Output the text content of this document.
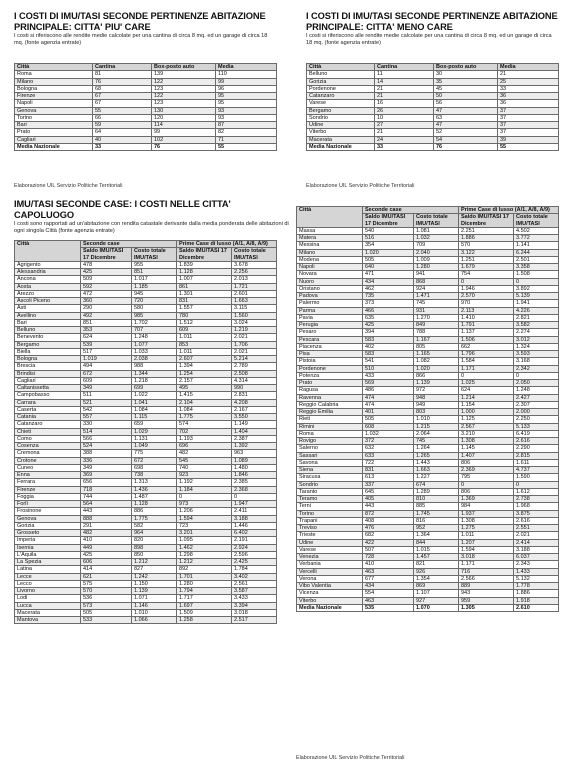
I COSTI DI IMU/TASI SECONDE PERTINENZE ABITAZIONE
PRINCIPALE: CITTA' PIU' CARE
I costi si riferiscono alle rendite medie calcolate per una cantina di circa 8 mq. ed un garage di circa 18 mq. (fonte agenzia entrate)
Città	Cantina	Box-posto auto	Media
Roma	81	139	110
Milano	76	122	99
Bologna	68	123	96
Firenze	67	122	95
Napoli	67	123	95
Genova	55	130	93
Torino	66	120	93
Bari	59	114	87
Prato	64	99	82
Cagliari	40	102	71
Media Nazionale	33	76	55
Elaborazione UIL Servizio Politiche Territoriali
I COSTI DI IMU/TASI SECONDE PERTINENZE ABITAZIONE
PRINCIPALE: CITTA' MENO CARE
I costi si riferiscono alle rendite medie calcolate per una cantina di circa 8 mq. ed un garage di circa 18 mq. (fonte agenzia entrate)
Città	Cantina	Box-posto auto	Media
Belluno	11	30	21
Gorizia	14	35	25
Pordenone	21	45	33
Catanzaro	21	50	36
Varese	16	56	36
Bergamo	26	47	37
Sondrio	10	63	37
Udine	27	47	37
Viterbo	21	52	37
Macerata	24	54	39
Media Nazionale	33	76	55
Elaborazione UIL Servizio Politiche Territoriali
IMU/TASI SECONDE CASE: I COSTI NELLE CITTA' CAPOLUOGO
I costi sono rapportati ad un'abitazione con rendita catastale derivante dalla media ponderata delle abitazioni di ogni singola Città (fonte agenzia entrate)
Città	Seconde case		Prime Case di lusso (A/1, A/8, A/9)	
	Saldo IMU/TASI 17 Dicembre	Costo totale IMU/TASI	Saldo IMU/TASI 17 Dicembre	Costo totale IMU/TASI
Agrigento	478	955	1.839	3.678
Alessandria	425	851	1.128	2.256
Ancona	509	1.017	1.007	2.013
Aosta	592	1.185	861	1.721
Arezzo	472	945	1.301	2.601
Ascoli Piceno	360	720	831	1.663
Asti	290	580	1.557	3.115
Avellino	492	985	780	1.560
Bari	851	1.702	1.512	3.024
Belluno	353	707	609	1.219
Benevento	624	1.248	1.011	2.021
Bergamo	539	1.077	853	1.706
Biella	517	1.033	1.011	2.021
Bologna	1.019	2.038	2.607	5.214
Brescia	494	988	1.394	2.789
Brindisi	672	1.344	1.254	2.508
Cagliari	609	1.218	2.157	4.314
Caltanissetta	349	699	495	990
Campobasso	511	1.022	1.415	2.831
Carrara	521	1.041	2.104	4.208
Caserta	542	1.084	1.084	2.167
Catania	557	1.115	1.775	3.550
Catanzaro	330	659	574	1.149
Chieti	514	1.029	702	1.404
Como	566	1.131	1.193	2.387
Cosenza	524	1.049	696	1.392
Cremona	388	775	482	963
Crotone	336	672	545	1.089
Cuneo	349	698	740	1.480
Enna	369	738	923	1.846
Ferrara	656	1.313	1.192	2.385
Firenze	718	1.436	1.184	2.368
Foggia	744	1.487	0	0
Forlì	564	1.128	973	1.947
Frosinone	443	886	1.206	2.411
Genova	888	1.775	1.594	3.188
Gorizia	291	582	723	1.446
Grosseto	482	964	3.201	6.402
Imperia	410	820	1.095	2.191
Isernia	449	898	1.462	2.924
L'Aquila	425	850	1.298	2.596
La Spezia	606	1.212	1.212	2.425
Latina	414	827	892	1.784
Lecce	621	1.242	1.701	3.402
Lecco	575	1.150	1.280	2.561
Livorno	570	1.139	1.794	3.587
Lodi	536	1.071	1.717	3.433
Lucca	573	1.146	1.697	3.394
Macerata	505	1.010	1.509	3.018
Mantova	533	1.066	1.258	2.517
Città	Seconde case		Prime Case di lusso (A/1, A/8, A/9)	
	Saldo IMU/TASI 17 Dicembre	Costo totale IMU/TASI	Saldo IMU/TASI 17 Dicembre	Costo totale IMU/TASI
Massa	540	1.081	2.251	4.502
Matera	516	1.032	1.886	3.772
Messina	354	709	570	1.141
Milano	1.020	2.040	3.122	6.244
Modena	505	1.009	1.251	2.501
Napoli	640	1.280	1.679	3.358
Novara	471	941	754	1.508
Nuoro	434	868	0	0
Oristano	462	924	1.946	3.892
Padova	735	1.471	2.570	5.139
Palermo	373	745	970	1.941
Parma	466	931	2.113	4.226
Pavia	635	1.270	1.410	2.821
Perugia	425	849	1.791	3.582
Pesaro	394	788	1.137	2.274
Pescara	583	1.167	1.506	3.012
Piacenza	402	805	662	1.324
Pisa	583	1.165	1.796	3.593
Pistoia	541	1.082	1.584	3.168
Pordenone	510	1.020	1.171	2.342
Potenza	433	866	0	0
Prato	569	1.139	1.025	2.050
Ragusa	486	972	624	1.248
Ravenna	474	948	1.214	2.427
Reggio Calabria	474	949	1.154	2.307
Reggio Emilia	401	803	1.000	2.000
Rieti	505	1.010	1.125	2.250
Rimini	608	1.215	2.567	5.133
Roma	1.032	2.064	3.210	6.419
Rovigo	372	745	1.308	2.616
Salerno	632	1.264	1.145	2.290
Sassari	633	1.265	1.407	2.815
Savona	722	1.443	806	1.611
Siena	831	1.663	2.369	4.737
Siracusa	613	1.227	795	1.590
Sondrio	337	674	0	0
Taranto	645	1.289	806	1.612
Teramo	405	810	1.369	2.738
Terni	443	885	984	1.968
Torino	872	1.745	1.937	3.875
Trapani	408	816	1.308	2.616
Treviso	476	952	1.275	2.551
Trieste	682	1.364	1.011	2.021
Udine	422	844	1.207	2.414
Varese	507	1.015	1.594	3.188
Venezia	728	1.457	3.018	6.037
Verbania	410	821	1.171	2.343
Vercelli	463	926	716	1.433
Verona	677	1.354	2.566	5.132
Vibo Valentia	434	869	889	1.778
Vicenza	554	1.107	943	1.886
Viterbo	463	927	959	1.918
Media Nazionale	535	1.070	1.305	2.610
Elaborazione UIL Servizio Politiche Territoriali
